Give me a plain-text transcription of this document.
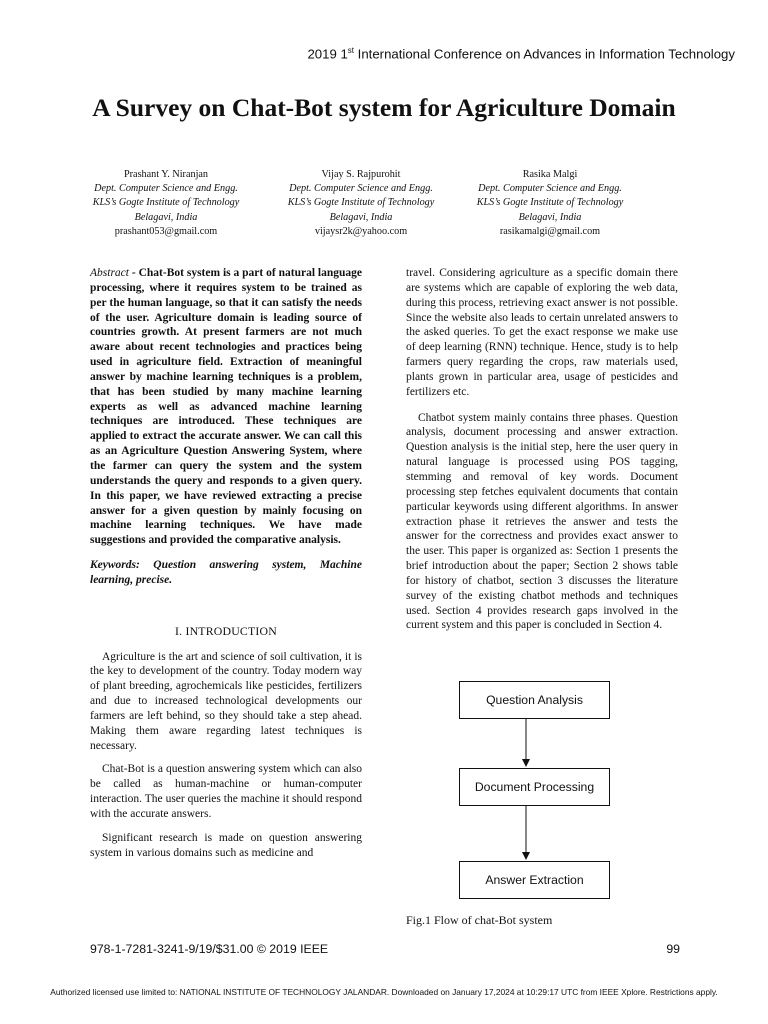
2019 1st International Conference on Advances in Information Technology
A Survey on Chat-Bot system for Agriculture Domain
Prashant Y. Niranjan
Dept. Computer Science and Engg.
KLS’s Gogte Institute of Technology
Belagavi, India
prashant053@gmail.com
Vijay S. Rajpurohit
Dept. Computer Science and Engg.
KLS’s Gogte Institute of Technology
Belagavi, India
vijaysr2k@yahoo.com
Rasika Malgi
Dept. Computer Science and Engg.
KLS’s Gogte Institute of Technology
Belagavi, India
rasikamalgi@gmail.com

Abstract - Chat-Bot system is a part of natural language processing, where it requires system to be trained as per the human language, so that it can satisfy the needs of the user. Agriculture domain is leading source of countries growth. At present farmers are not much aware about recent technologies and practices being used in agriculture field. Extraction of meaningful answer by machine learning techniques is a problem, that has been studied by many machine learning experts as well as advanced machine learning techniques are introduced. These techniques are applied to extract the accurate answer. We can call this as an Agriculture Question Answering System, where the farmer can query the system and the system understands the query and responds to a given query. In this paper, we have reviewed extracting a precise answer for a given question by mainly focusing on machine learning techniques. We have made suggestions and provided the comparative analysis.

Keywords: Question answering system, Machine learning, precise.

I. INTRODUCTION

Agriculture is the art and science of soil cultivation, it is the key to development of the country. Today modern way of plant breeding, agrochemicals like pesticides, fertilizers and due to increased technological developments our farmers are left behind, so they should take a step ahead. Making them aware regarding latest techniques is necessary.

Chat-Bot is a question answering system which can also be called as human-machine or human-computer interaction. The user queries the machine it should respond with the accurate answers.

Significant research is made on question answering system in various domains such as medicine and

travel. Considering agriculture as a specific domain there are systems which are capable of exploring the web data, during this process, retrieving exact answer is not possible. Since the website also leads to certain unrelated answers to the asked queries. To get the exact response we make use of deep learning (RNN) technique. Hence, study is to help farmers query regarding the crops, raw materials used, plants grown in particular area, usage of pesticides and fertilizers etc.

Chatbot system mainly contains three phases. Question analysis, document processing and answer extraction. Question analysis is the initial step, here the user query in natural language is processed using POS tagging, stemming and removal of key words. Document processing step fetches equivalent documents that contain particular keywords using different algorithms. In answer extraction phase it retrieves the answer and tests the answer for the correctness and provides exact answer to the user. This paper is organized as: Section 1 presents the brief introduction about the paper; Section 2 shows table for history of chatbot, section 3 discusses the literature survey of the existing chatbot methods and techniques used. Section 4 provides research gaps involved in the current system and this paper is concluded in Section 4.

Question Analysis
Document Processing
Answer Extraction
Fig.1 Flow of chat-Bot system
978-1-7281-3241-9/19/$31.00 © 2019 IEEE	99
Authorized licensed use limited to: NATIONAL INSTITUTE OF TECHNOLOGY JALANDAR. Downloaded on January 17,2024 at 10:29:17 UTC from IEEE Xplore. Restrictions apply.
